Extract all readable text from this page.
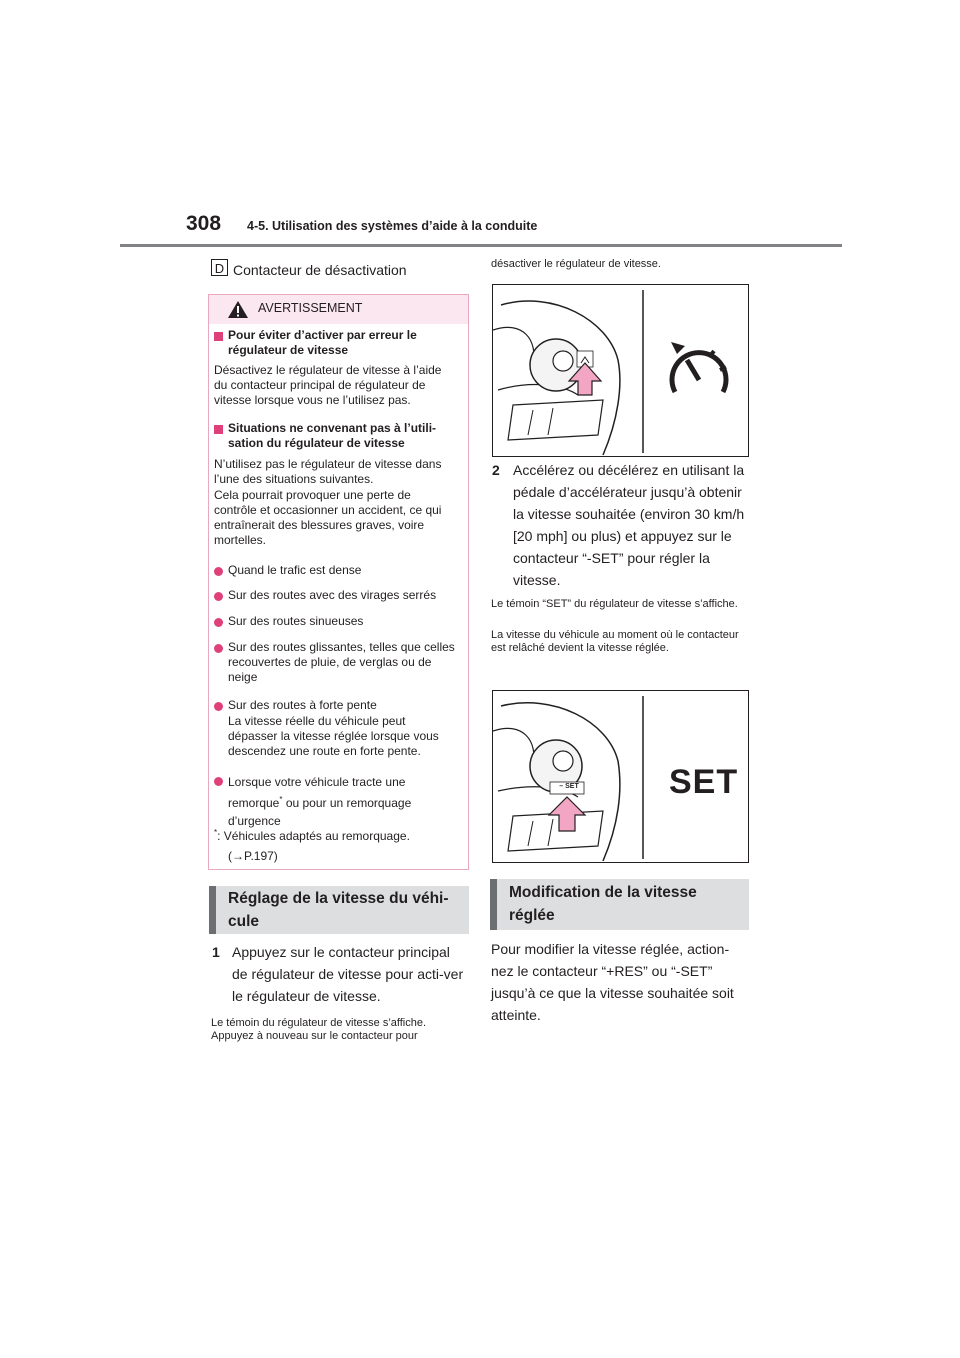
308 4-5. Utilisation des systèmes d’aide à la conduite
D Contacteur de désactivation
AVERTISSEMENT
Pour éviter d’activer par erreur le régulateur de vitesse
Désactivez le régulateur de vitesse à l’aide du contacteur principal de régulateur de vitesse lorsque vous ne l’utilisez pas.
Situations ne convenant pas à l’utili-sation du régulateur de vitesse
N’utilisez pas le régulateur de vitesse dans l’une des situations suivantes.
Cela pourrait provoquer une perte de contrôle et occasionner un accident, ce qui entraînerait des blessures graves, voire mortelles.
Quand le trafic est dense
Sur des routes avec des virages serrés
Sur des routes sinueuses
Sur des routes glissantes, telles que celles recouvertes de pluie, de verglas ou de neige
Sur des routes à forte pente
La vitesse réelle du véhicule peut dépasser la vitesse réglée lorsque vous descendez une route en forte pente.
Lorsque votre véhicule tracte une remorque* ou pour un remorquage d’urgence
*: Véhicules adaptés au remorquage.
(→P.197)
Réglage de la vitesse du véhi-cule
1 Appuyez sur le contacteur principal de régulateur de vitesse pour acti-ver le régulateur de vitesse.
Le témoin du régulateur de vitesse s’affiche. Appuyez à nouveau sur le contacteur pour
désactiver le régulateur de vitesse.
2 Accélérez ou décélérez en utilisant la pédale d’accélérateur jusqu’à obtenir la vitesse souhaitée (environ 30 km/h [20 mph] ou plus) et appuyez sur le contacteur “-SET” pour régler la vitesse.
Le témoin “SET” du régulateur de vitesse s’affiche.
La vitesse du véhicule au moment où le contacteur est relâché devient la vitesse réglée.
– SET	SET
Modification de la vitesse réglée
Pour modifier la vitesse réglée, action-nez le contacteur “+RES” ou “-SET” jusqu’à ce que la vitesse souhaitée soit atteinte.
